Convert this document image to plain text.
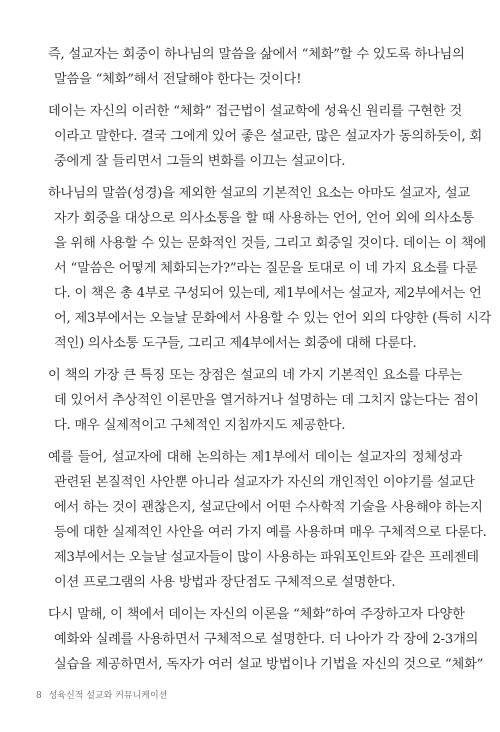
즉, 설교자는 회중이 하나님의 말씀을 삶에서 “체화”할 수 있도록 하나님의
말씀을 “체화”해서 전달해야 한다는 것이다!

데이는 자신의 이러한 “체화” 접근법이 설교학에 성육신 원리를 구현한 것
이라고 말한다. 결국 그에게 있어 좋은 설교란, 많은 설교자가 동의하듯이, 회
중에게 잘 들리면서 그들의 변화를 이끄는 설교이다.

하나님의 말씀(성경)을 제외한 설교의 기본적인 요소는 아마도 설교자, 설교
자가 회중을 대상으로 의사소통을 할 때 사용하는 언어, 언어 외에 의사소통
을 위해 사용할 수 있는 문화적인 것들, 그리고 회중일 것이다. 데이는 이 책에
서 “말씀은 어떻게 체화되는가?”라는 질문을 토대로 이 네 가지 요소를 다룬
다. 이 책은 총 4부로 구성되어 있는데, 제1부에서는 설교자, 제2부에서는 언
어, 제3부에서는 오늘날 문화에서 사용할 수 있는 언어 외의 다양한 (특히 시각
적인) 의사소통 도구들, 그리고 제4부에서는 회중에 대해 다룬다.

이 책의 가장 큰 특징 또는 장점은 설교의 네 가지 기본적인 요소를 다루는
데 있어서 추상적인 이론만을 열거하거나 설명하는 데 그치지 않는다는 점이
다. 매우 실제적이고 구체적인 지침까지도 제공한다.

예를 들어, 설교자에 대해 논의하는 제1부에서 데이는 설교자의 정체성과
관련된 본질적인 사안뿐 아니라 설교자가 자신의 개인적인 이야기를 설교단
에서 하는 것이 괜찮은지, 설교단에서 어떤 수사학적 기술을 사용해야 하는지
등에 대한 실제적인 사안을 여러 가지 예를 사용하며 매우 구체적으로 다룬다.
제3부에서는 오늘날 설교자들이 많이 사용하는 파워포인트와 같은 프레젠테
이션 프로그램의 사용 방법과 장단점도 구체적으로 설명한다.

다시 말해, 이 책에서 데이는 자신의 이론을 “체화”하여 주장하고자 다양한
예화와 실례를 사용하면서 구체적으로 설명한다. 더 나아가 각 장에 2-3개의
실습을 제공하면서, 독자가 여러 설교 방법이나 기법을 자신의 것으로 “체화”

8 성육신적 설교와 커뮤니케이션
